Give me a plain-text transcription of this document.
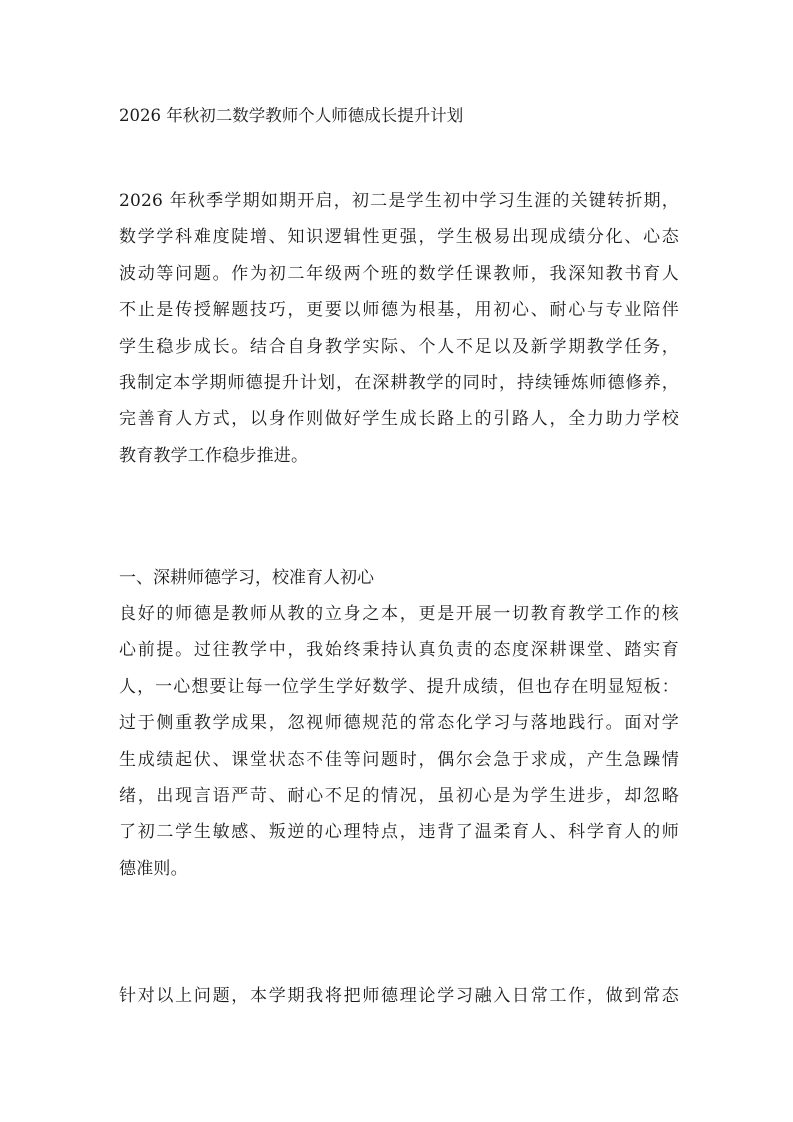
2026 年秋初二数学教师个人师德成长提升计划
2026 年秋季学期如期开启，初二是学生初中学习生涯的关键转折期，
数学学科难度陡增、知识逻辑性更强，学生极易出现成绩分化、心态
波动等问题。作为初二年级两个班的数学任课教师，我深知教书育人
不止是传授解题技巧，更要以师德为根基，用初心、耐心与专业陪伴
学生稳步成长。结合自身教学实际、个人不足以及新学期教学任务，
我制定本学期师德提升计划，在深耕教学的同时，持续锤炼师德修养，
完善育人方式，以身作则做好学生成长路上的引路人，全力助力学校
教育教学工作稳步推进。
一、深耕师德学习，校准育人初心
良好的师德是教师从教的立身之本，更是开展一切教育教学工作的核
心前提。过往教学中，我始终秉持认真负责的态度深耕课堂、踏实育
人，一心想要让每一位学生学好数学、提升成绩，但也存在明显短板：
过于侧重教学成果，忽视师德规范的常态化学习与落地践行。面对学
生成绩起伏、课堂状态不佳等问题时，偶尔会急于求成，产生急躁情
绪，出现言语严苛、耐心不足的情况，虽初心是为学生进步，却忽略
了初二学生敏感、叛逆的心理特点，违背了温柔育人、科学育人的师
德准则。
针对以上问题，本学期我将把师德理论学习融入日常工作，做到常态
